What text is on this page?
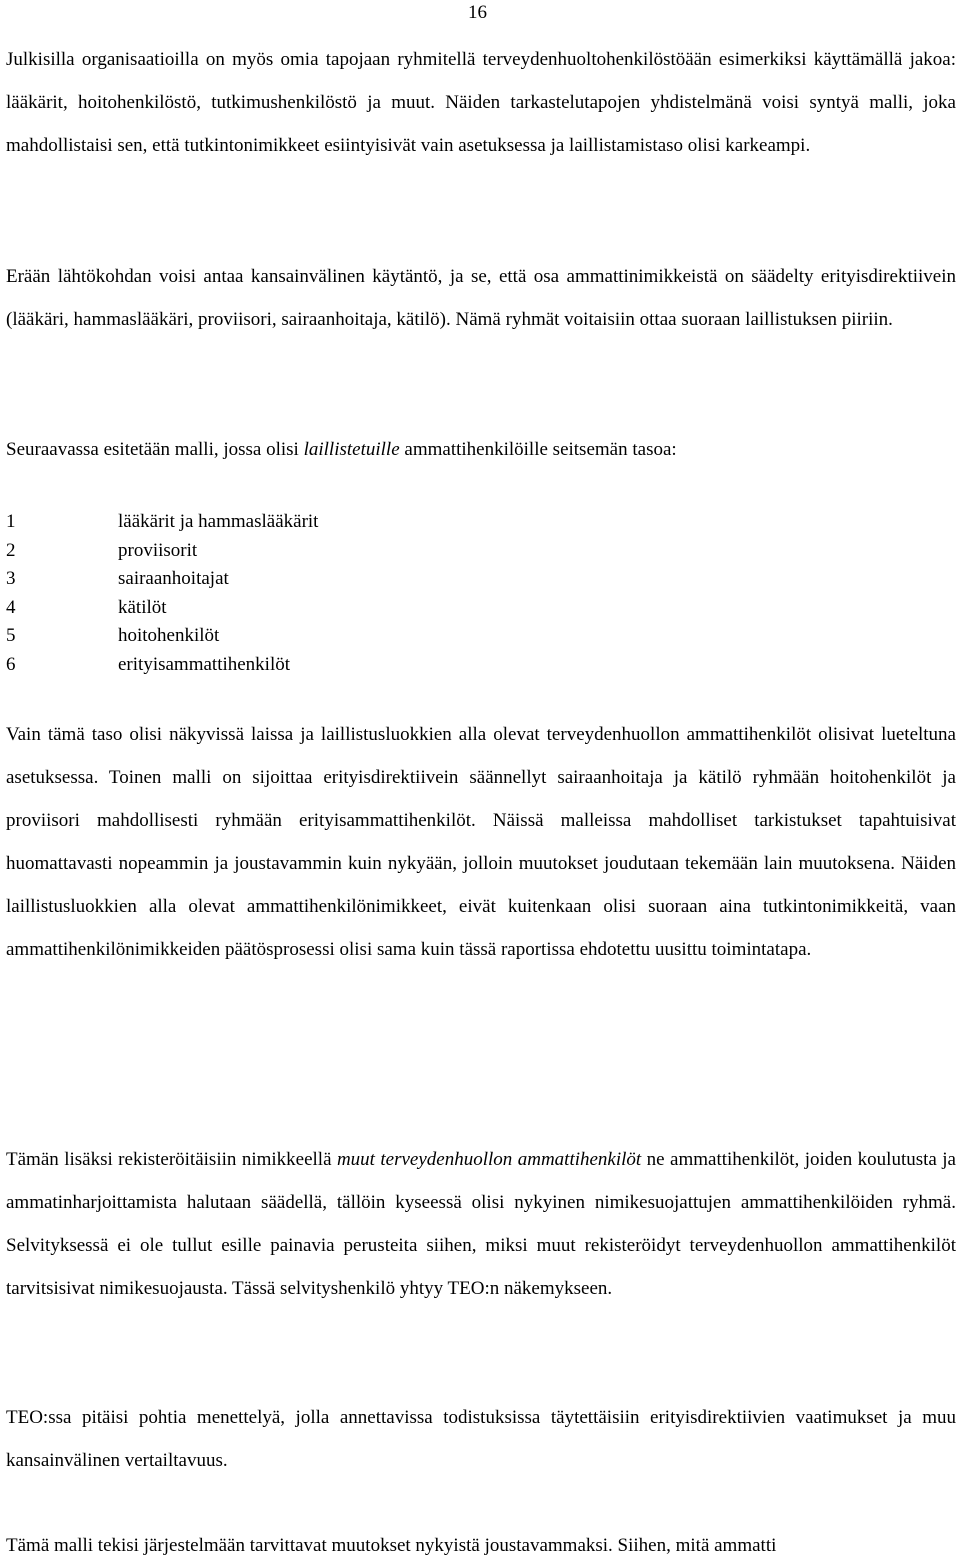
16

Julkisilla organisaatioilla on myös omia tapojaan ryhmitellä terveydenhuoltohenkilöstöään esimerkiksi käyttämällä jakoa: lääkärit, hoitohenkilöstö, tutkimushenkilöstö ja muut. Näiden tarkastelutapojen yhdistelmänä voisi syntyä malli, joka mahdollistaisi sen, että tutkintonimikkeet esiintyisivät vain asetuksessa ja laillistamistaso olisi karkeampi.

Erään lähtökohdan voisi antaa kansainvälinen käytäntö, ja se, että osa ammattinimikkeistä on säädelty erityisdirektiivein (lääkäri, hammaslääkäri, proviisori, sairaanhoitaja, kätilö). Nämä ryhmät voitaisiin ottaa suoraan laillistuksen piiriin.

Seuraavassa esitetään malli, jossa olisi laillistetuille ammattihenkilöille seitsemän tasoa:

1	lääkärit ja hammaslääkärit
2	proviisorit
3	sairaanhoitajat
4	kätilöt
5	hoitohenkilöt
6	erityisammattihenkilöt

Vain tämä taso olisi näkyvissä laissa ja laillistusluokkien alla olevat terveydenhuollon ammattihenkilöt olisivat lueteltuna asetuksessa. Toinen malli on sijoittaa erityisdirektiivein säännellyt sairaanhoitaja ja kätilö ryhmään hoitohenkilöt ja proviisori mahdollisesti ryhmään erityisammattihenkilöt. Näissä malleissa mahdolliset tarkistukset tapahtuisivat huomattavasti nopeammin ja joustavammin kuin nykyään, jolloin muutokset joudutaan tekemään lain muutoksena. Näiden laillistusluokkien alla olevat ammattihenkilönimikkeet, eivät kuitenkaan olisi suoraan aina tutkintonimikkeitä, vaan ammattihenkilönimikkeiden päätösprosessi olisi sama kuin tässä raportissa ehdotettu uusittu toimintatapa.

Tämän lisäksi rekisteröitäisiin nimikkeellä muut terveydenhuollon ammattihenkilöt ne ammattihenkilöt, joiden koulutusta ja ammatinharjoittamista halutaan säädellä, tällöin kyseessä olisi nykyinen nimikesuojattujen ammattihenkilöiden ryhmä. Selvityksessä ei ole tullut esille painavia perusteita siihen, miksi muut rekisteröidyt terveydenhuollon ammattihenkilöt tarvitsisivat nimikesuojausta. Tässä selvityshenkilö yhtyy TEO:n näkemykseen.

TEO:ssa pitäisi pohtia menettelyä, jolla annettavissa todistuksissa täytettäisiin erityisdirektiivien vaatimukset ja muu kansainvälinen vertailtavuus.

Tämä malli tekisi järjestelmään tarvittavat muutokset nykyistä joustavammaksi. Siihen, mitä ammatti
